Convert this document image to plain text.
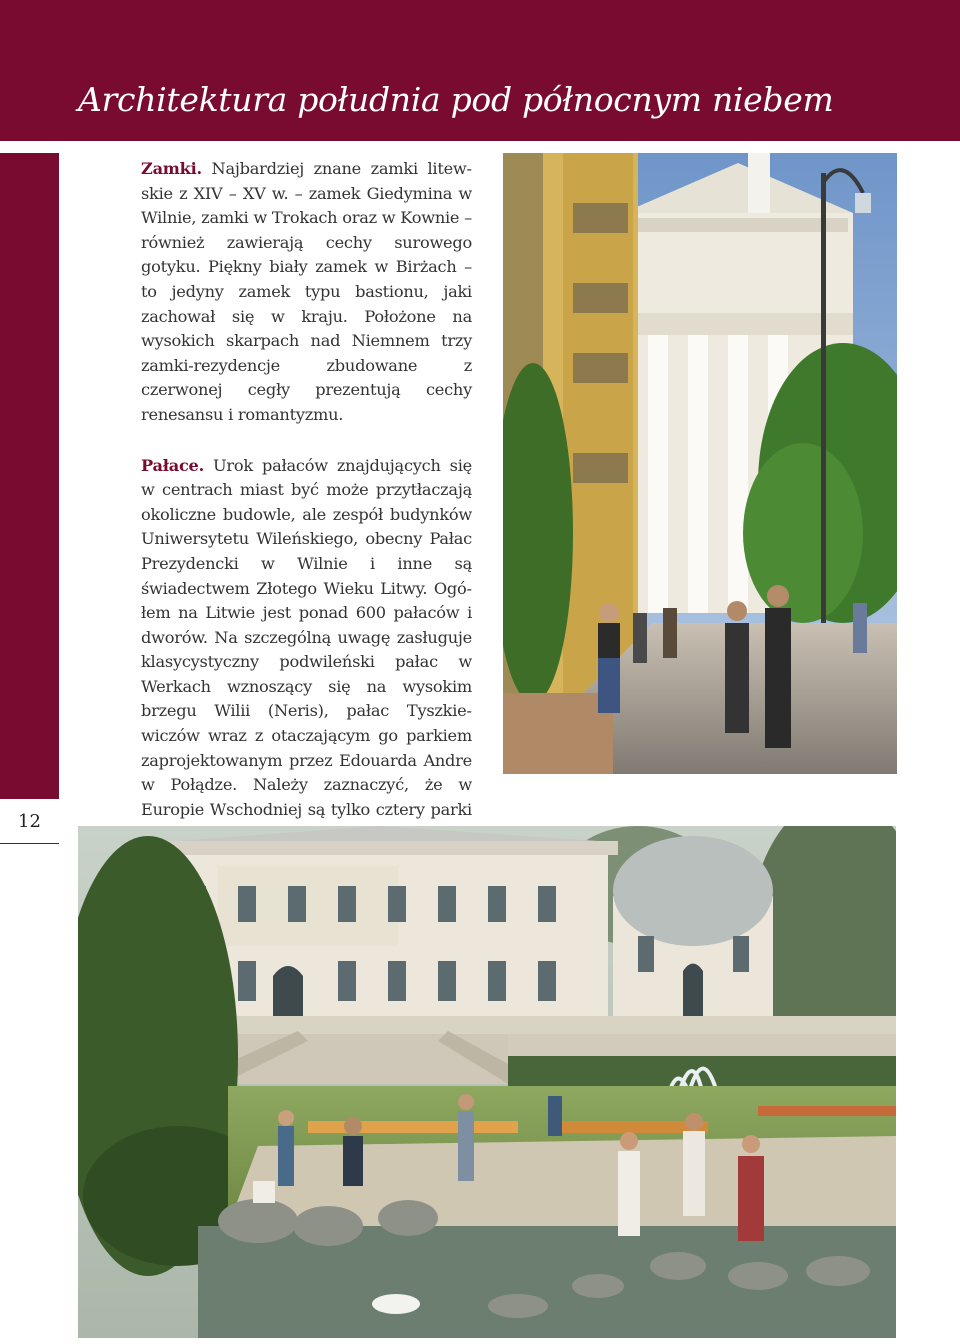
Architektura południa pod północnym niebem
12

Zamki. Najbardziej znane zamki litewskie z XIV – XV w. – zamek Giedymina w Wilnie, zamki w Trokach oraz w Kownie – również zawierają cechy surowego gotyku. Piękny biały zamek w Birżach – to jedyny zamek typu bastionu, jaki zachował się w kraju. Położone na wysokich skarpach nad Niemnem trzy zamki-rezydencje zbudowane z czerwonej cegły prezentują cechy renesansu i romantyzmu.

Pałace. Urok pałaców znajdujących się w centrach miast być może przytłaczają okoliczne budowle, ale zespół budynków Uniwersytetu Wileńskiego, obecny Pałac Prezydencki w Wilnie i inne są świadectwem Złotego Wieku Litwy. Ogółem na Litwie jest ponad 600 pałaców i dworów. Na szczególną uwagę zasługuje klasycystyczny podwileński pałac w Werkach wznoszący się na wysokim brzegu Wilii (Neris), pałac Tyszkiewiczów wraz z otaczającym go parkiem zaprojektowanym przez Edouarda Andre w Połądze. Należy zaznaczyć, że w Europie Wschodniej są tylko cztery parki
